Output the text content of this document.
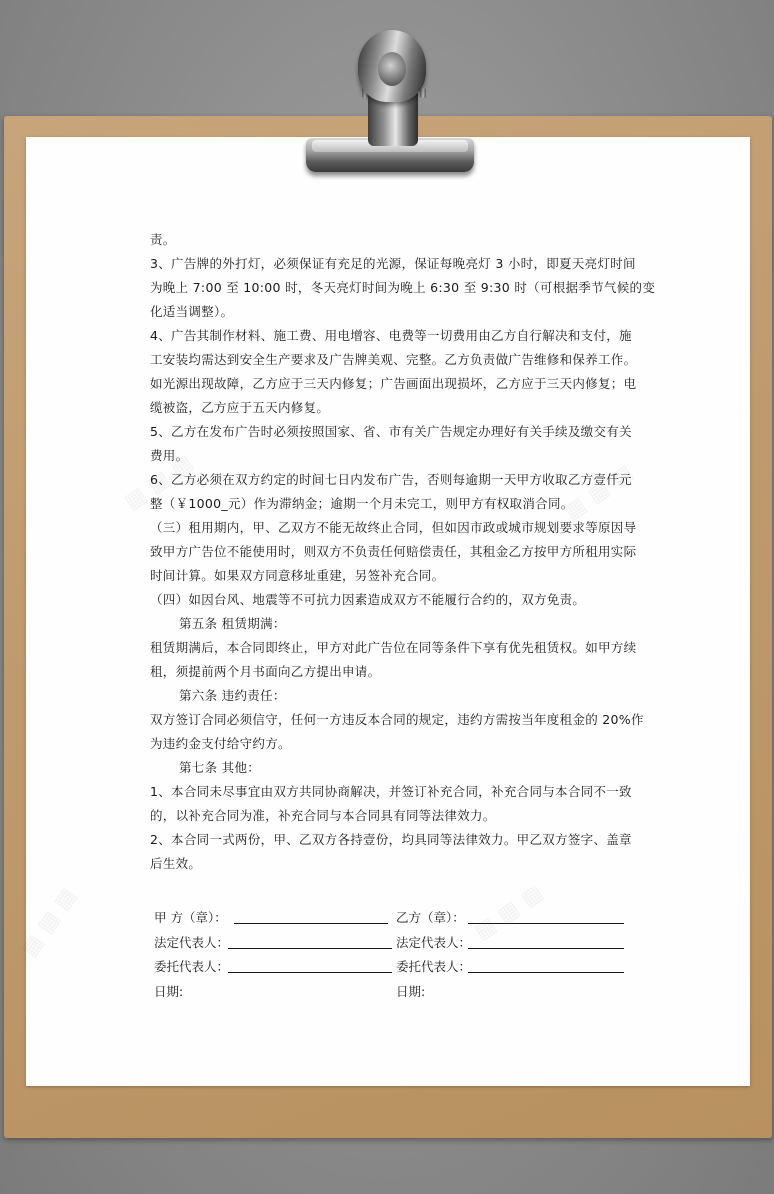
责。
3、广告牌的外打灯，必须保证有充足的光源，保证每晚亮灯 3 小时，即夏天亮灯时间
为晚上 7:00 至 10:00 时，冬天亮灯时间为晚上 6:30 至 9:30 时（可根据季节气候的变
化适当调整）。
4、广告其制作材料、施工费、用电增容、电费等一切费用由乙方自行解决和支付，施
工安装均需达到安全生产要求及广告牌美观、完整。乙方负责做广告维修和保养工作。
如光源出现故障，乙方应于三天内修复；广告画面出现损坏，乙方应于三天内修复；电
缆被盗，乙方应于五天内修复。
5、乙方在发布广告时必须按照国家、省、市有关广告规定办理好有关手续及缴交有关
费用。
6、乙方必须在双方约定的时间七日内发布广告，否则每逾期一天甲方收取乙方壹仟元
整（￥1000_元）作为滞纳金；逾期一个月未完工，则甲方有权取消合同。
（三）租用期内，甲、乙双方不能无故终止合同，但如因市政或城市规划要求等原因导
致甲方广告位不能使用时，则双方不负责任何赔偿责任，其租金乙方按甲方所租用实际
时间计算。如果双方同意移址重建，另签补充合同。
（四）如因台风、地震等不可抗力因素造成双方不能履行合约的，双方免责。
第五条 租赁期满：
租赁期满后，本合同即终止，甲方对此广告位在同等条件下享有优先租赁权。如甲方续
租，须提前两个月书面向乙方提出申请。
第六条 违约责任：
双方签订合同必须信守，任何一方违反本合同的规定，违约方需按当年度租金的 20%作
为违约金支付给守约方。
第七条 其他：
1、本合同未尽事宜由双方共同协商解决，并签订补充合同，补充合同与本合同不一致
的，以补充合同为准，补充合同与本合同具有同等法律效力。
2、本合同一式两份，甲、乙双方各持壹份，均具同等法律效力。甲乙双方签字、盖章
后生效。
甲 方（章）：	乙方（章）：
法定代表人：	法定代表人：
委托代表人：	委托代表人：
日期:	日期:
